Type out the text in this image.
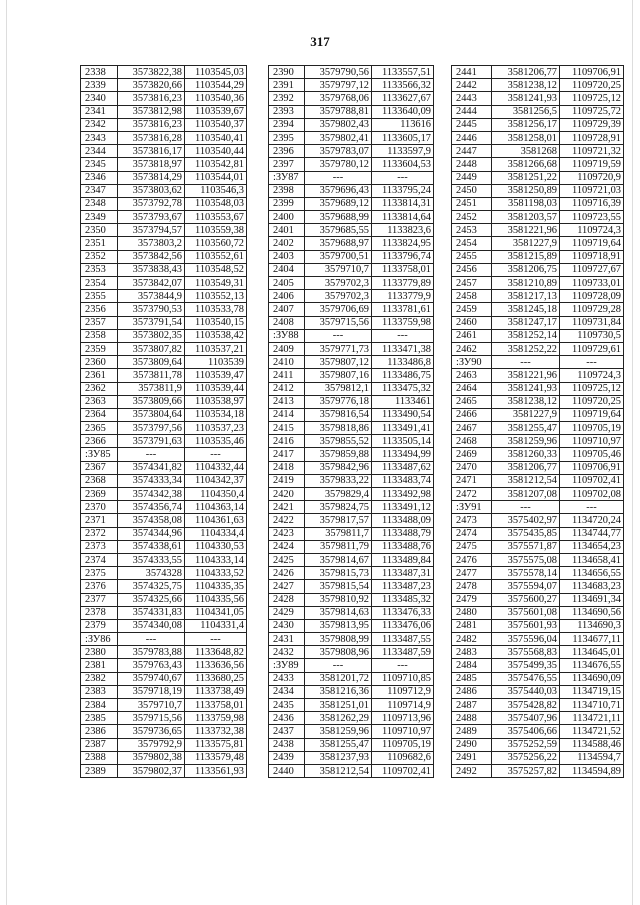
317
2338	3573822,38	1103545,03
2339	3573820,66	1103544,29
2340	3573816,23	1103540,36
2341	3573812,98	1103539,67
2342	3573816,23	1103540,37
2343	3573816,28	1103540,41
2344	3573816,17	1103540,44
2345	3573818,97	1103542,81
2346	3573814,29	1103544,01
2347	3573803,62	1103546,3
2348	3573792,78	1103548,03
2349	3573793,67	1103553,67
2350	3573794,57	1103559,38
2351	3573803,2	1103560,72
2352	3573842,56	1103552,61
2353	3573838,43	1103548,52
2354	3573842,07	1103549,31
2355	3573844,9	1103552,13
2356	3573790,53	1103533,78
2357	3573791,54	1103540,15
2358	3573802,35	1103538,42
2359	3573807,82	1103537,21
2360	3573809,64	1103539
2361	3573811,78	1103539,47
2362	3573811,9	1103539,44
2363	3573809,66	1103538,97
2364	3573804,64	1103534,18
2365	3573797,56	1103537,23
2366	3573791,63	1103535,46
:ЗУ85	---	---
2367	3574341,82	1104332,44
2368	3574333,34	1104342,37
2369	3574342,38	1104350,4
2370	3574356,74	1104363,14
2371	3574358,08	1104361,63
2372	3574344,96	1104334,4
2373	3574338,61	1104330,53
2374	3574333,55	1104333,14
2375	3574328	1104333,52
2376	3574325,75	1104335,35
2377	3574325,66	1104335,56
2378	3574331,83	1104341,05
2379	3574340,08	1104331,4
:ЗУ86	---	---
2380	3579783,88	1133648,82
2381	3579763,43	1133636,56
2382	3579740,67	1133680,25
2383	3579718,19	1133738,49
2384	3579710,7	1133758,01
2385	3579715,56	1133759,98
2386	3579736,65	1133732,38
2387	3579792,9	1133575,81
2388	3579802,38	1133579,48
2389	3579802,37	1133561,93
2390	3579790,56	1133557,51
2391	3579797,12	1133566,32
2392	3579768,06	1133627,67
2393	3579788,81	1133640,09
2394	3579802,43	113616
2395	3579802,41	1133605,17
2396	3579783,07	1133597,9
2397	3579780,12	1133604,53
:ЗУ87	---	---
2398	3579696,43	1133795,24
2399	3579689,12	1133814,31
2400	3579688,99	1133814,64
2401	3579685,55	1133823,6
2402	3579688,97	1133824,95
2403	3579700,51	1133796,74
2404	3579710,7	1133758,01
2405	3579702,3	1133779,89
2406	3579702,3	1133779,9
2407	3579706,69	1133781,61
2408	3579715,56	1133759,98
:ЗУ88	---	---
2409	3579771,73	1133471,38
2410	3579807,12	1133486,8
2411	3579807,16	1133486,75
2412	3579812,1	1133475,32
2413	3579776,18	1133461
2414	3579816,54	1133490,54
2415	3579818,86	1133491,41
2416	3579855,52	1133505,14
2417	3579859,88	1133494,99
2418	3579842,96	1133487,62
2419	3579833,22	1133483,74
2420	3579829,4	1133492,98
2421	3579824,75	1133491,12
2422	3579817,57	1133488,09
2423	3579811,7	1133488,79
2424	3579811,79	1133488,76
2425	3579814,67	1133489,84
2426	3579815,73	1133487,31
2427	3579815,54	1133487,23
2428	3579810,92	1133485,32
2429	3579814,63	1133476,33
2430	3579813,95	1133476,06
2431	3579808,99	1133487,55
2432	3579808,96	1133487,59
:ЗУ89	---	---
2433	3581201,72	1109710,85
2434	3581216,36	1109712,9
2435	3581251,01	1109714,9
2436	3581262,29	1109713,96
2437	3581259,96	1109710,97
2438	3581255,47	1109705,19
2439	3581237,93	1109682,6
2440	3581212,54	1109702,41
2441	3581206,77	1109706,91
2442	3581238,12	1109720,25
2443	3581241,93	1109725,12
2444	3581256,5	1109725,72
2445	3581256,17	1109729,39
2446	3581258,01	1109728,91
2447	3581268	1109721,32
2448	3581266,68	1109719,59
2449	3581251,22	1109720,9
2450	3581250,89	1109721,03
2451	3581198,03	1109716,39
2452	3581203,57	1109723,55
2453	3581221,96	1109724,3
2454	3581227,9	1109719,64
2455	3581215,89	1109718,91
2456	3581206,75	1109727,67
2457	3581210,89	1109733,01
2458	3581217,13	1109728,09
2459	3581245,18	1109729,28
2460	3581247,17	1109731,84
2461	3581252,14	1109730,5
2462	3581252,22	1109729,61
:ЗУ90	---	---
2463	3581221,96	1109724,3
2464	3581241,93	1109725,12
2465	3581238,12	1109720,25
2466	3581227,9	1109719,64
2467	3581255,47	1109705,19
2468	3581259,96	1109710,97
2469	3581260,33	1109705,46
2470	3581206,77	1109706,91
2471	3581212,54	1109702,41
2472	3581207,08	1109702,08
:ЗУ91	---	---
2473	3575402,97	1134720,24
2474	3575435,85	1134744,77
2475	3575571,87	1134654,23
2476	3575575,08	1134658,41
2477	3575578,14	1134656,55
2478	3575594,07	1134683,23
2479	3575600,27	1134691,34
2480	3575601,08	1134690,56
2481	3575601,93	1134690,3
2482	3575596,04	1134677,11
2483	3575568,83	1134645,01
2484	3575499,35	1134676,55
2485	3575476,55	1134690,09
2486	3575440,03	1134719,15
2487	3575428,82	1134710,71
2488	3575407,96	1134721,11
2489	3575406,66	1134721,52
2490	3575252,59	1134588,46
2491	3575256,22	1134594,7
2492	3575257,82	1134594,89
